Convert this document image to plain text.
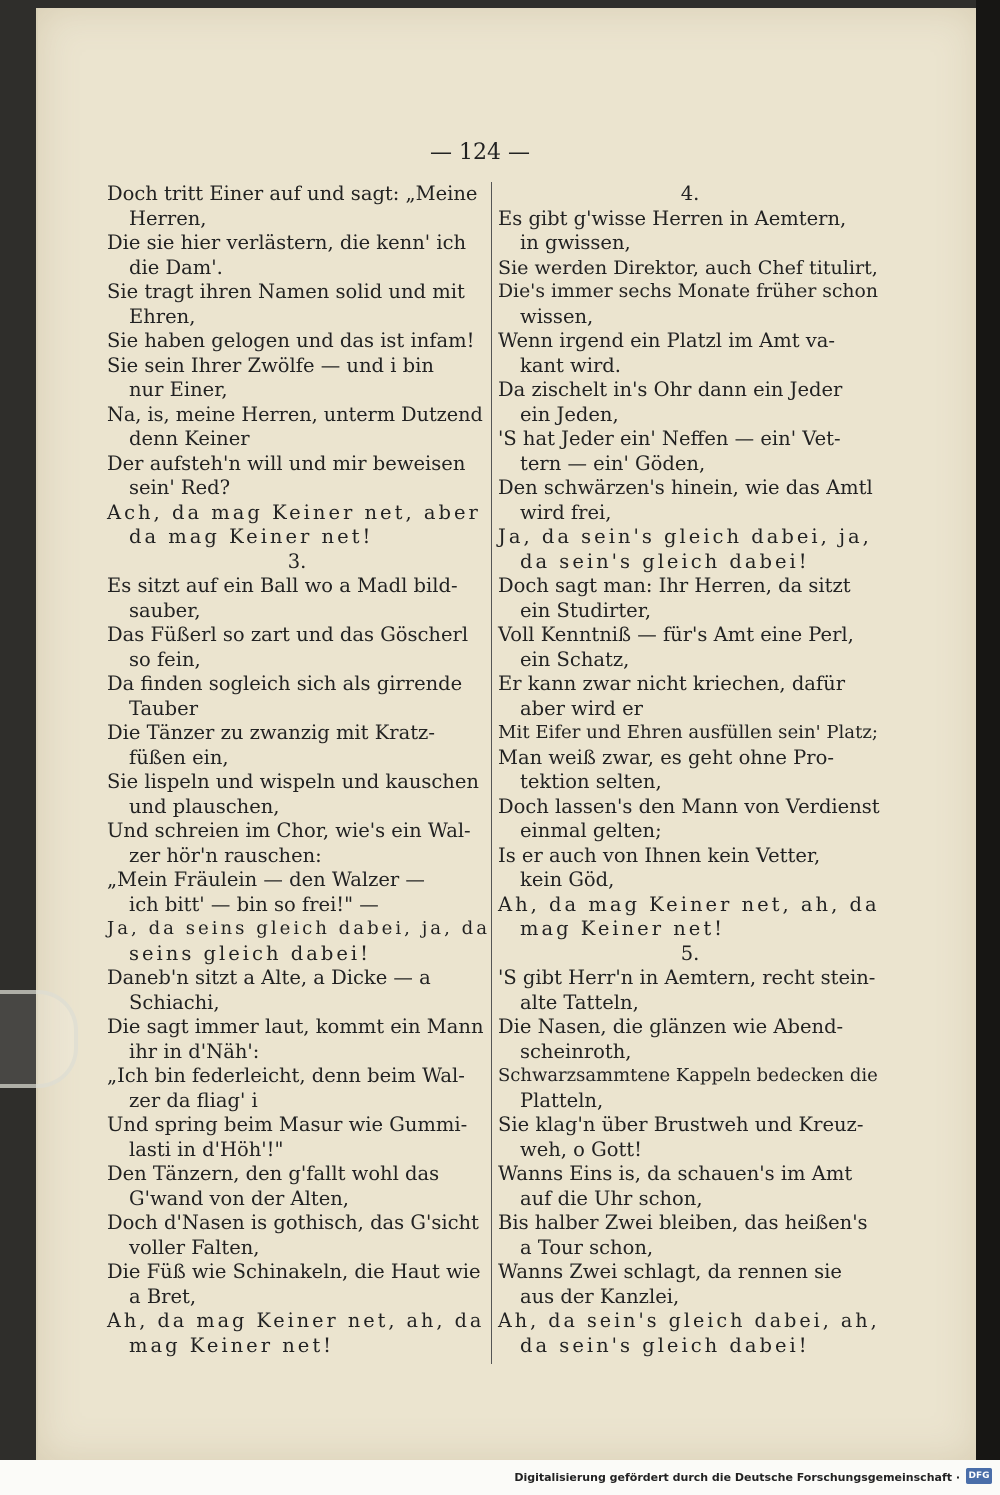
— 124 —
Doch tritt Einer auf und sagt: „Meine
Herren,
Die sie hier verlästern, die kenn' ich
die Dam'.
Sie tragt ihren Namen solid und mit
Ehren,
Sie haben gelogen und das ist infam!
Sie sein Ihrer Zwölfe — und i bin
nur Einer,
Na, is, meine Herren, unterm Dutzend
denn Keiner
Der aufsteh'n will und mir beweisen
sein' Red?
Ach, da mag Keiner net, aber
da mag Keiner net!
3.
Es sitzt auf ein Ball wo a Madl bild-
sauber,
Das Füßerl so zart und das Göscherl
so fein,
Da finden sogleich sich als girrende
Tauber
Die Tänzer zu zwanzig mit Kratz-
füßen ein,
Sie lispeln und wispeln und kauschen
und plauschen,
Und schreien im Chor, wie's ein Wal-
zer hör'n rauschen:
„Mein Fräulein — den Walzer —
ich bitt' — bin so frei!" —
Ja, da seins gleich dabei, ja, da
seins gleich dabei!
Daneb'n sitzt a Alte, a Dicke — a
Schiachi,
Die sagt immer laut, kommt ein Mann
ihr in d'Näh':
„Ich bin federleicht, denn beim Wal-
zer da fliag' i
Und spring beim Masur wie Gummi-
lasti in d'Höh'!"
Den Tänzern, den g'fallt wohl das
G'wand von der Alten,
Doch d'Nasen is gothisch, das G'sicht
voller Falten,
Die Füß wie Schinakeln, die Haut wie
a Bret,
Ah, da mag Keiner net, ah, da
mag Keiner net!
4.
Es gibt g'wisse Herren in Aemtern,
in gwissen,
Sie werden Direktor, auch Chef titulirt,
Die's immer sechs Monate früher schon
wissen,
Wenn irgend ein Platzl im Amt va-
kant wird.
Da zischelt in's Ohr dann ein Jeder
ein Jeden,
'S hat Jeder ein' Neffen — ein' Vet-
tern — ein' Göden,
Den schwärzen's hinein, wie das Amtl
wird frei,
Ja, da sein's gleich dabei, ja,
da sein's gleich dabei!
Doch sagt man: Ihr Herren, da sitzt
ein Studirter,
Voll Kenntniß — für's Amt eine Perl,
ein Schatz,
Er kann zwar nicht kriechen, dafür
aber wird er
Mit Eifer und Ehren ausfüllen sein' Platz;
Man weiß zwar, es geht ohne Pro-
tektion selten,
Doch lassen's den Mann von Verdienst
einmal gelten;
Is er auch von Ihnen kein Vetter,
kein Göd,
Ah, da mag Keiner net, ah, da
mag Keiner net!
5.
'S gibt Herr'n in Aemtern, recht stein-
alte Tatteln,
Die Nasen, die glänzen wie Abend-
scheinroth,
Schwarzsammtene Kappeln bedecken die
Platteln,
Sie klag'n über Brustweh und Kreuz-
weh, o Gott!
Wanns Eins is, da schauen's im Amt
auf die Uhr schon,
Bis halber Zwei bleiben, das heißen's
a Tour schon,
Wanns Zwei schlagt, da rennen sie
aus der Kanzlei,
Ah, da sein's gleich dabei, ah,
da sein's gleich dabei!
Digitalisierung gefördert durch die Deutsche Forschungsgemeinschaft · DFG
